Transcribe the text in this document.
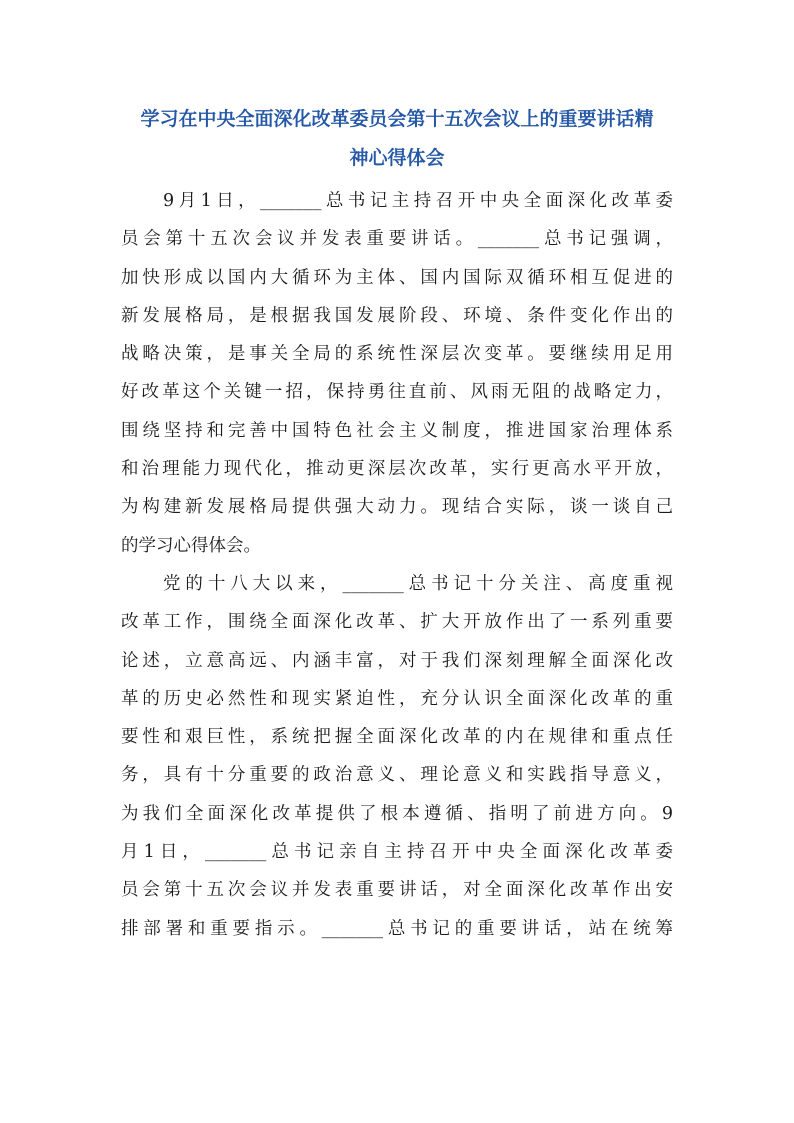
学习在中央全面深化改革委员会第十五次会议上的重要讲话精
神心得体会
9月1日，_______总书记主持召开中央全面深化改革委
员会第十五次会议并发表重要讲话。_______总书记强调，
加快形成以国内大循环为主体、国内国际双循环相互促进的
新发展格局，是根据我国发展阶段、环境、条件变化作出的
战略决策，是事关全局的系统性深层次变革。要继续用足用
好改革这个关键一招，保持勇往直前、风雨无阻的战略定力，
围绕坚持和完善中国特色社会主义制度，推进国家治理体系
和治理能力现代化，推动更深层次改革，实行更高水平开放，
为构建新发展格局提供强大动力。现结合实际，谈一谈自己
的学习心得体会。
党的十八大以来，_______总书记十分关注、高度重视
改革工作，围绕全面深化改革、扩大开放作出了一系列重要
论述，立意高远、内涵丰富，对于我们深刻理解全面深化改
革的历史必然性和现实紧迫性，充分认识全面深化改革的重
要性和艰巨性，系统把握全面深化改革的内在规律和重点任
务，具有十分重要的政治意义、理论意义和实践指导意义，
为我们全面深化改革提供了根本遵循、指明了前进方向。9
月1日，_______总书记亲自主持召开中央全面深化改革委
员会第十五次会议并发表重要讲话，对全面深化改革作出安
排部署和重要指示。_______总书记的重要讲话，站在统筹
